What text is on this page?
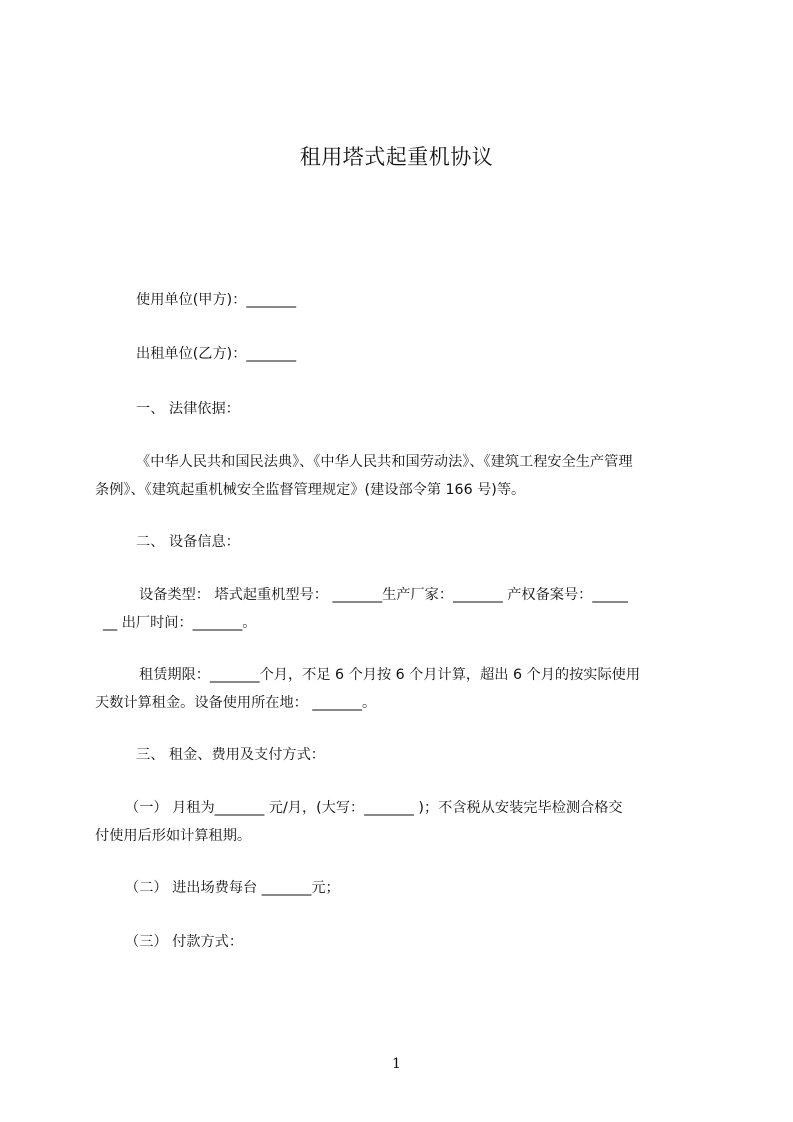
租用塔式起重机协议
使用单位(甲方)：_______
出租单位(乙方)：_______
一、 法律依据：
《中华人民共和国民法典》、《中华人民共和国劳动法》、《建筑工程安全生产管理
条例》、《建筑起重机械安全监督管理规定》(建设部令第 166 号)等。
二、 设备信息：
设备类型： 塔式起重机型号： _______生产厂家：_______ 产权备案号：_____
__ 出厂时间：_______。
租赁期限：_______个月，不足 6 个月按 6 个月计算，超出 6 个月的按实际使用
天数计算租金。设备使用所在地： _______。
三、 租金、费用及支付方式：
（一） 月租为_______ 元/月，(大写：_______ )；不含税从安装完毕检测合格交
付使用后形如计算租期。
（二） 进出场费每台 _______元；
（三） 付款方式：
1
